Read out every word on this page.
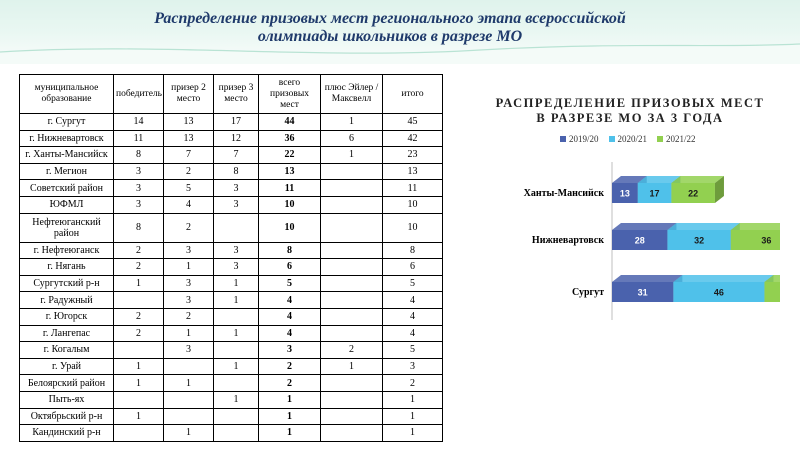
Распределение призовых мест регионального этапа всероссийской
олимпиады школьников в разрезе МО
муниципальное образование	победитель	призер 2 место	призер 3 место	всего призовых мест	плюс Эйлер / Максвелл	итого
г. Сургут	14	13	17	44	1	45
г. Нижневартовск	11	13	12	36	6	42
г. Ханты-Мансийск	8	7	7	22	1	23
г. Мегион	3	2	8	13		13
Советский район	3	5	3	11		11
ЮФМЛ	3	4	3	10		10
Нефтеюганский район	8	2		10		10
г. Нефтеюганск	2	3	3	8		8
г. Нягань	2	1	3	6		6
Сургутский р-н	1	3	1	5		5
г. Радужный		3	1	4		4
г. Югорск	2	2		4		4
г. Лангепас	2	1	1	4		4
г. Когалым		3		3	2	5
г. Урай	1		1	2	1	3
Белоярский район	1	1		2		2
Пыть-ях			1	1		1
Октябрьский р-н	1			1		1
Кандинский р-н		1		1		1
РАСПРЕДЕЛЕНИЕ ПРИЗОВЫХ МЕСТ В РАЗРЕЗЕ МО ЗА 3 ГОДА
2019/20 2020/21 2021/22
Ханты-Мансийск 13 17	22
Нижневартовск	28	32	36
Сургут	31	46
